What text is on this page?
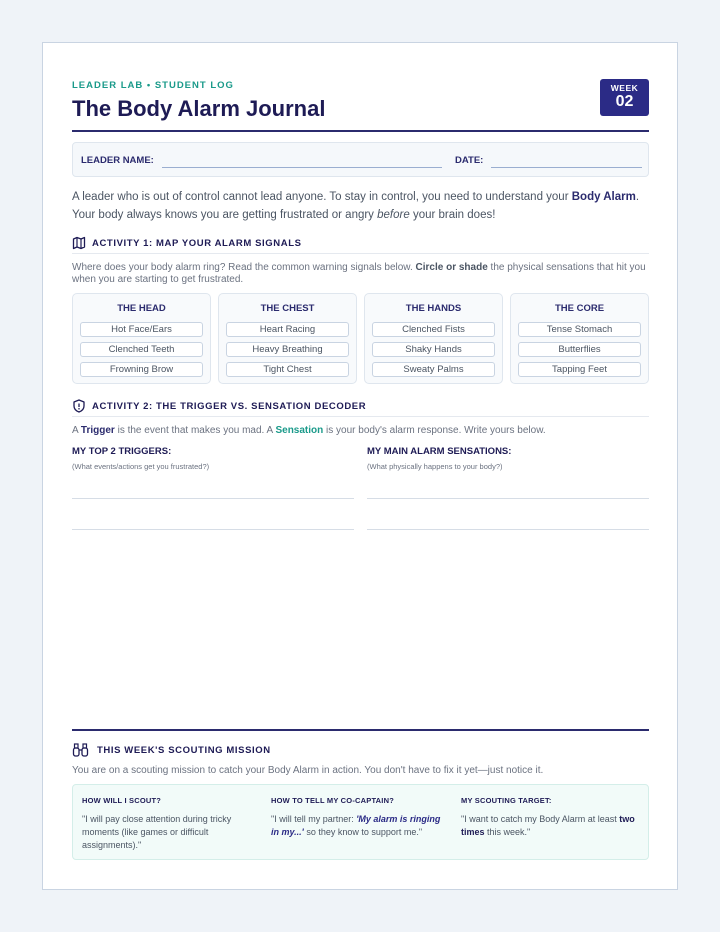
LEADER LAB • STUDENT LOG
The Body Alarm Journal
WEEK
02
LEADER NAME:	DATE:
A leader who is out of control cannot lead anyone. To stay in control, you need to understand your Body Alarm. Your body always knows you are getting frustrated or angry before your brain does!
ACTIVITY 1: MAP YOUR ALARM SIGNALS
Where does your body alarm ring? Read the common warning signals below. Circle or shade the physical sensations that hit you when you are starting to get frustrated.
THE HEAD
Hot Face/Ears
Clenched Teeth
Frowning Brow
THE CHEST
Heart Racing
Heavy Breathing
Tight Chest
THE HANDS
Clenched Fists
Shaky Hands
Sweaty Palms
THE CORE
Tense Stomach
Butterflies
Tapping Feet
ACTIVITY 2: THE TRIGGER VS. SENSATION DECODER
A Trigger is the event that makes you mad. A Sensation is your body's alarm response. Write yours below.
MY TOP 2 TRIGGERS:
(What events/actions get you frustrated?)
MY MAIN ALARM SENSATIONS:
(What physically happens to your body?)
THIS WEEK'S SCOUTING MISSION
You are on a scouting mission to catch your Body Alarm in action. You don't have to fix it yet—just notice it.
HOW WILL I SCOUT?
"I will pay close attention during tricky moments (like games or difficult assignments)."
HOW TO TELL MY CO-CAPTAIN?
"I will tell my partner: 'My alarm is ringing in my...' so they know to support me."
MY SCOUTING TARGET:
"I want to catch my Body Alarm at least two times this week."
